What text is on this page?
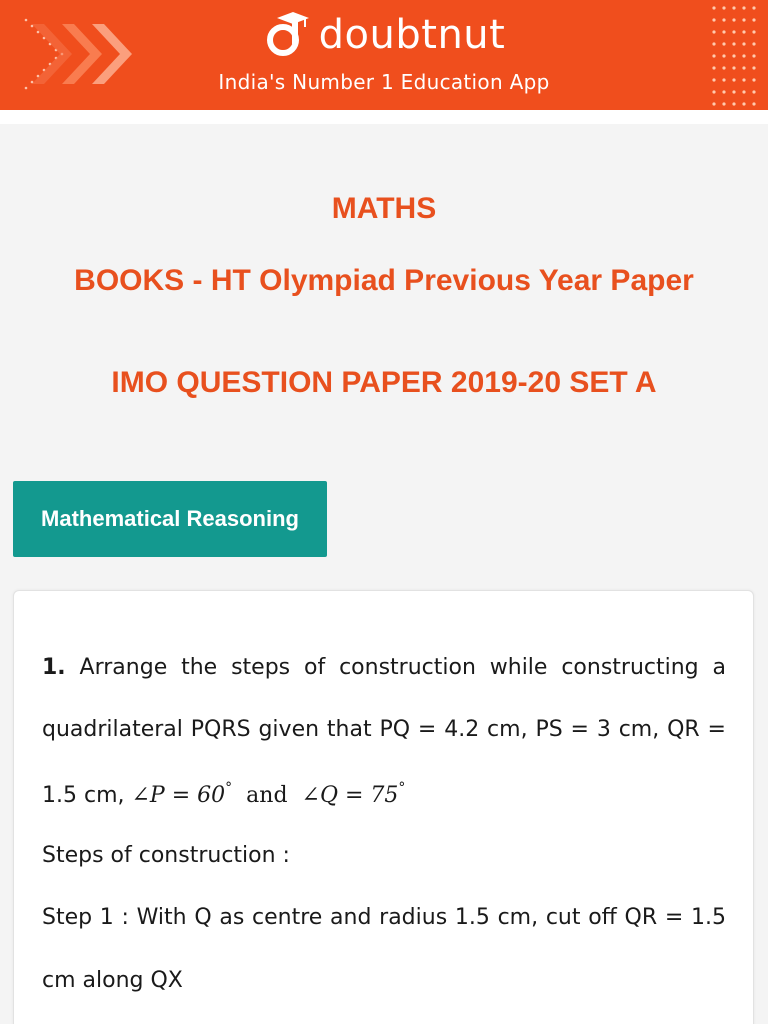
doubtnut
India's Number 1 Education App
MATHS
BOOKS - HT Olympiad Previous Year Paper
IMO QUESTION PAPER 2019-20 SET A
Mathematical Reasoning
1. Arrange the steps of construction while constructing a
quadrilateral PQRS given that PQ = 4.2 cm, PS = 3 cm, QR =
1.5 cm, ∠P = 60° and ∠Q = 75°
Steps of construction :
Step 1 : With Q as centre and radius 1.5 cm, cut off QR = 1.5
cm along QX
